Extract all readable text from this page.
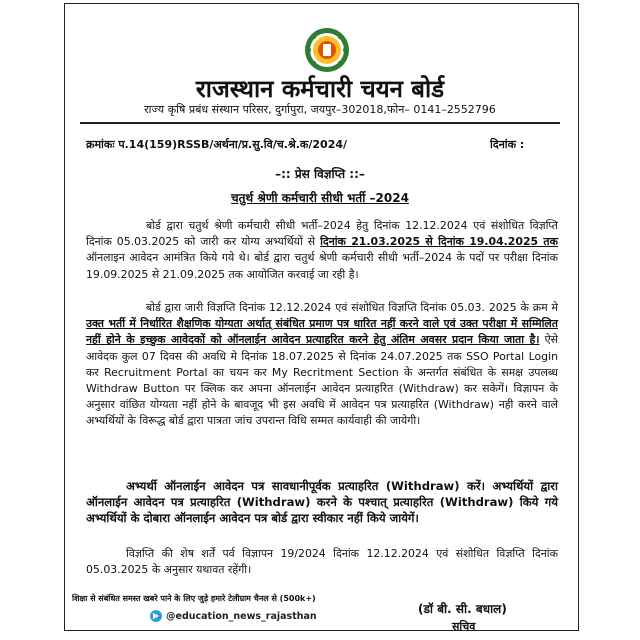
राजस्थान कर्मचारी चयन बोर्ड
राज्य कृषि प्रबंध संस्थान परिसर, दुर्गापुरा, जयपुर–302018,फोन– 0141–2552796
क्रमांकः प.14(159)RSSB/अर्थना/प्र.सु.वि/च.श्रे.क/2024/	दिनांक :
–:: प्रेस विज्ञप्ति ::–
चतुर्थ श्रेणी कर्मचारी सीधी भर्ती –2024

बोर्ड द्वारा चतुर्थ श्रेणी कर्मचारी सीधी भर्ती–2024 हेतु दिनांक 12.12.2024 एवं संशोधित विज्ञप्ति दिनांक 05.03.2025 को जारी कर योग्य अभ्यर्थियों से दिनांक 21.03.2025 से दिनांक 19.04.2025 तक ऑनलाइन आवेदन आमंत्रित किये गये थे। बोर्ड द्वारा चतुर्थ श्रेणी कर्मचारी सीधी भर्ती–2024 के पदों पर परीक्षा दिनांक 19.09.2025 से 21.09.2025 तक आयोजित करवाई जा रही है।

बोर्ड द्वारा जारी विज्ञप्ति दिनांक 12.12.2024 एवं संशोधित विज्ञप्ति दिनांक 05.03. 2025 के क्रम मे उक्त भर्ती में निर्धारित शैक्षणिक योग्यता अर्थात् संबंधित प्रमाण पत्र धारित नहीं करने वाले एवं उक्त परीक्षा में सम्मिलित नहीं होने के इच्छुक आवेदकों को ऑनलाईन आवेदन प्रत्याहरित करने हेतु अंतिम अवसर प्रदान किया जाता है। ऐसे आवेदक कुल 07 दिवस की अवधि मे दिनांक 18.07.2025 से दिनांक 24.07.2025 तक SSO Portal Login कर Recruitment Portal का चयन कर My Recritment Section के अन्तर्गत संबंधित के समक्ष उपलब्ध Withdraw Button पर क्लिक कर अपना ऑनलाईन आवेदन प्रत्याहरित (Withdraw) कर सकेगें। विज्ञापन के अनुसार वांछित योग्यता नहीं होने के बावजूद भी इस अवधि में आवेदन पत्र प्रत्याहरित (Withdraw) नही करने वाले अभ्यर्थियों के विरूद्ध बोर्ड द्वारा पात्रता जांच उपरान्त विधि सम्मत कार्यवाही की जायेगी।

अभ्यर्थी ऑनलाईन आवेदन पत्र सावधानीपूर्वक प्रत्याहरित (Withdraw) करें। अभ्यर्थियों द्वारा ऑनलाईन आवेदन पत्र प्रत्याहरित (Withdraw) करने के पश्चात् प्रत्याहरित (Withdraw) किये गये अभ्यर्थियों के दोबारा ऑनलाईन आवेदन पत्र बोर्ड द्वारा स्वीकार नहीं किये जायेगें।

विज्ञप्ति की शेष शर्तें पर्व विज्ञापन 19/2024 दिनांक 12.12.2024 एवं संशोधित विज्ञप्ति दिनांक 05.03.2025 के अनुसार यथावत रहेंगी।

शिक्षा से संबंधित समस्त खबरे पाने के लिए जुड़े हमारे टेलीग्राम चैनल से (500k+)
@education_news_rajasthan	(डॉ बी. सी. बधाल)
सचिव
